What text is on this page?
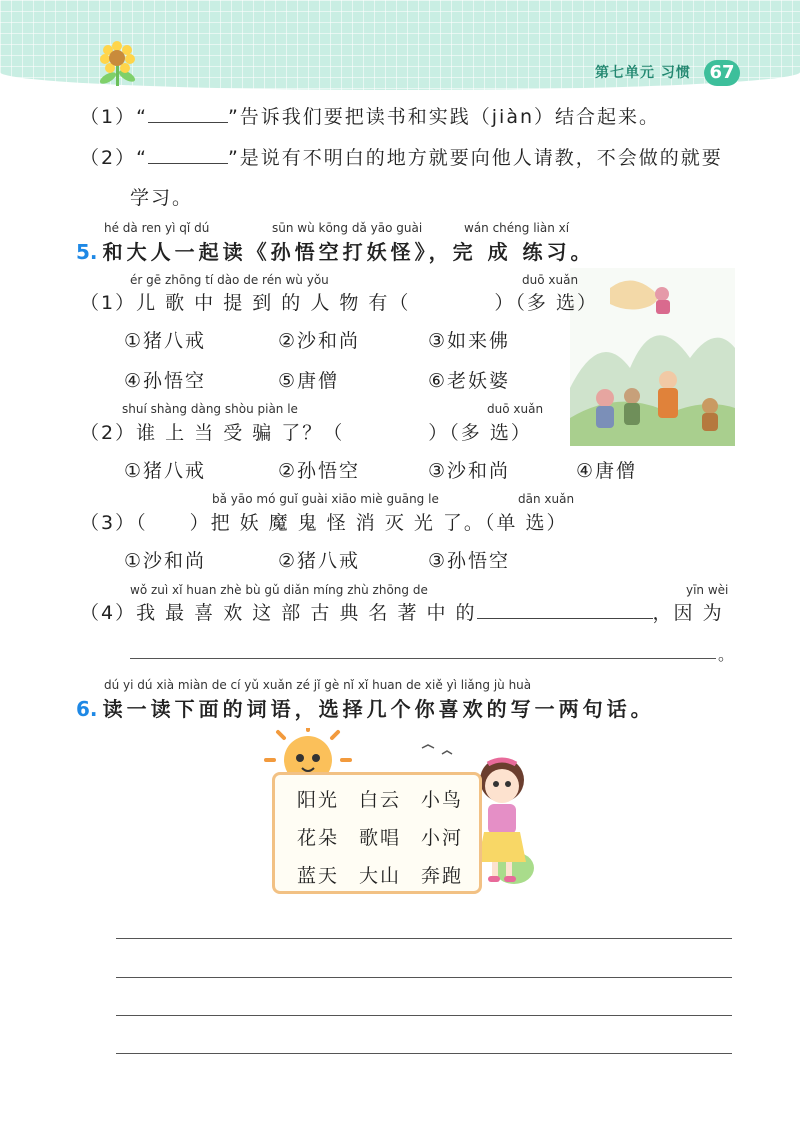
第七单元 习惯	67
（1）“	”告诉我们要把读书和实践（jiàn）结合起来。
（2）“	”是说有不明白的地方就要向他人请教，不会做的就要
学习。
hé dà ren yì qǐ dú	sūn wù kōng dǎ yāo guài	wán chéng liàn xí
5. 和大人一起读《孙悟空打妖怪》，完 成 练习。
ér gē zhōng tí dào de rén wù yǒu	duō xuǎn
（1）儿 歌 中 提 到 的 人 物 有（	）（多 选）
①猪八戒	②沙和尚	③如来佛
④孙悟空	⑤唐僧	⑥老妖婆
shuí shàng dàng shòu piàn le	duō xuǎn
（2）谁 上 当 受 骗 了？（	）（多 选）
①猪八戒	②孙悟空	③沙和尚	④唐僧
bǎ yāo mó guǐ guài xiāo miè guāng le	dān xuǎn
（3）（ ）把 妖 魔 鬼 怪 消 灭 光 了。（单 选）
①沙和尚	②猪八戒	③孙悟空
wǒ zuì xǐ huan zhè bù gǔ diǎn míng zhù zhōng de	yīn wèi
（4）我 最 喜 欢 这 部 古 典 名 著 中 的	，因 为
。
dú yi dú xià miàn de cí yǔ xuǎn zé jǐ gè nǐ xǐ huan de xiě yì liǎng jù huà
6. 读一读下面的词语，选择几个你喜欢的写一两句话。
阳光 白云 小鸟
花朵 歌唱 小河
蓝天 大山 奔跑
